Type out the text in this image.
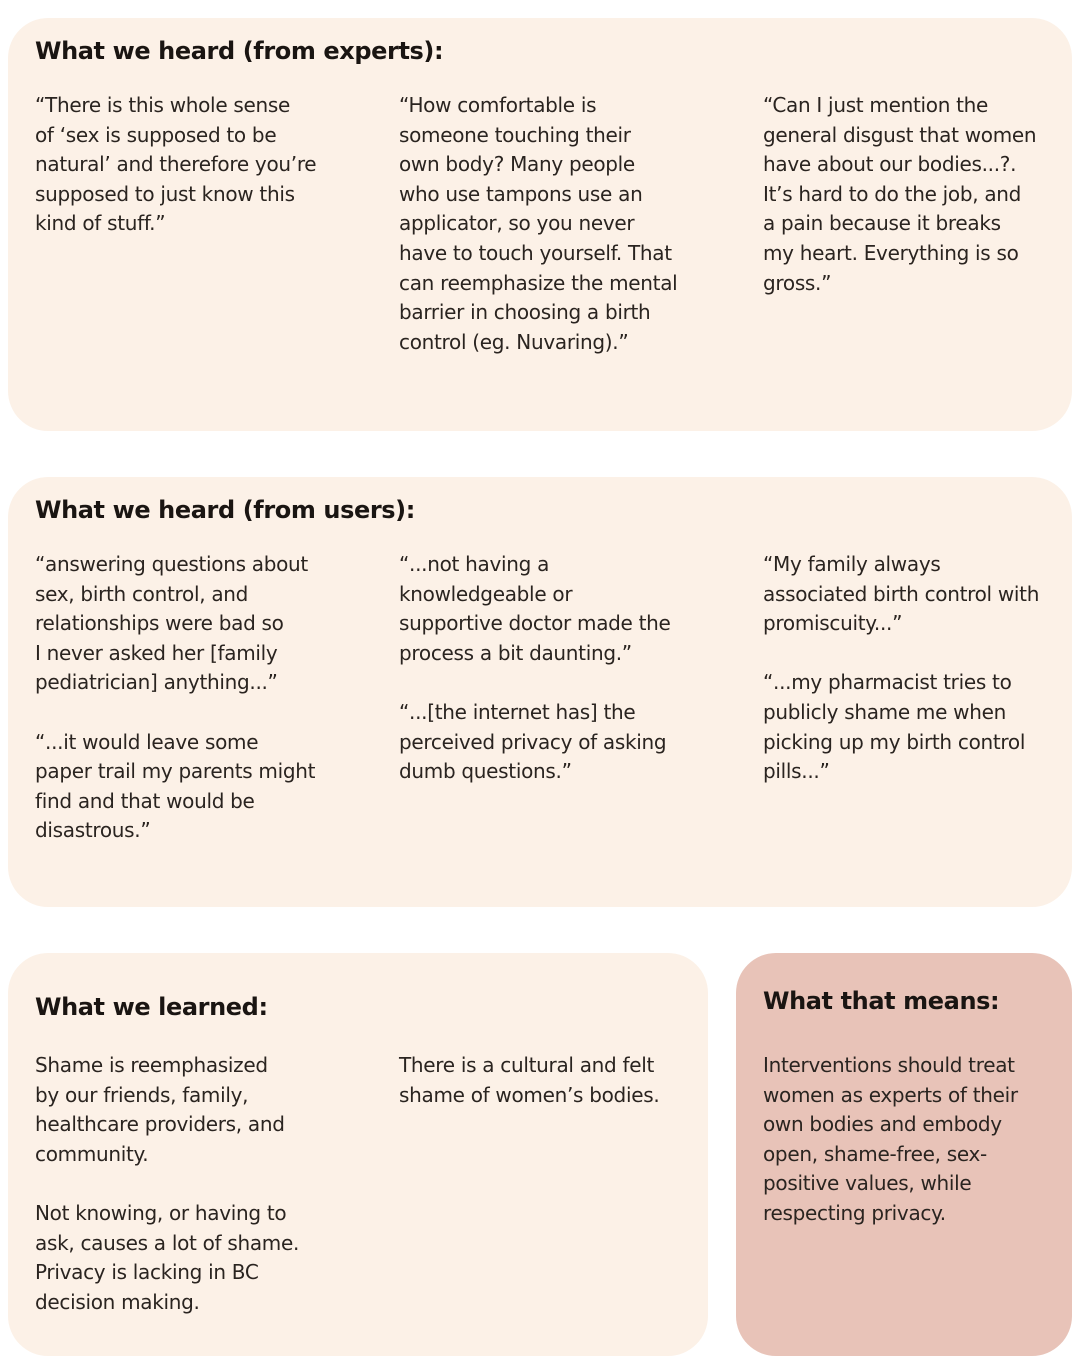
What we heard (from experts):

“There is this whole sense
of ‘sex is supposed to be
natural’ and therefore you’re
supposed to just know this
kind of stuff.”

“How comfortable is
someone touching their
own body? Many people
who use tampons use an
applicator, so you never
have to touch yourself. That
can reemphasize the mental
barrier in choosing a birth
control (eg. Nuvaring).”

“Can I just mention the
general disgust that women
have about our bodies...?.
It’s hard to do the job, and
a pain because it breaks
my heart. Everything is so
gross.”

What we heard (from users):

“answering questions about
sex, birth control, and
relationships were bad so
I never asked her [family
pediatrician] anything...”

“...it would leave some
paper trail my parents might
find and that would be
disastrous.”

“...not having a
knowledgeable or
supportive doctor made the
process a bit daunting.”

“...[the internet has] the
perceived privacy of asking
dumb questions.”

“My family always
associated birth control with
promiscuity...”

“...my pharmacist tries to
publicly shame me when
picking up my birth control
pills...”

What we learned:

Shame is reemphasized
by our friends, family,
healthcare providers, and
community.

Not knowing, or having to
ask, causes a lot of shame.
Privacy is lacking in BC
decision making.

There is a cultural and felt
shame of women’s bodies.

What that means:

Interventions should treat
women as experts of their
own bodies and embody
open, shame-free, sex-
positive values, while
respecting privacy.
